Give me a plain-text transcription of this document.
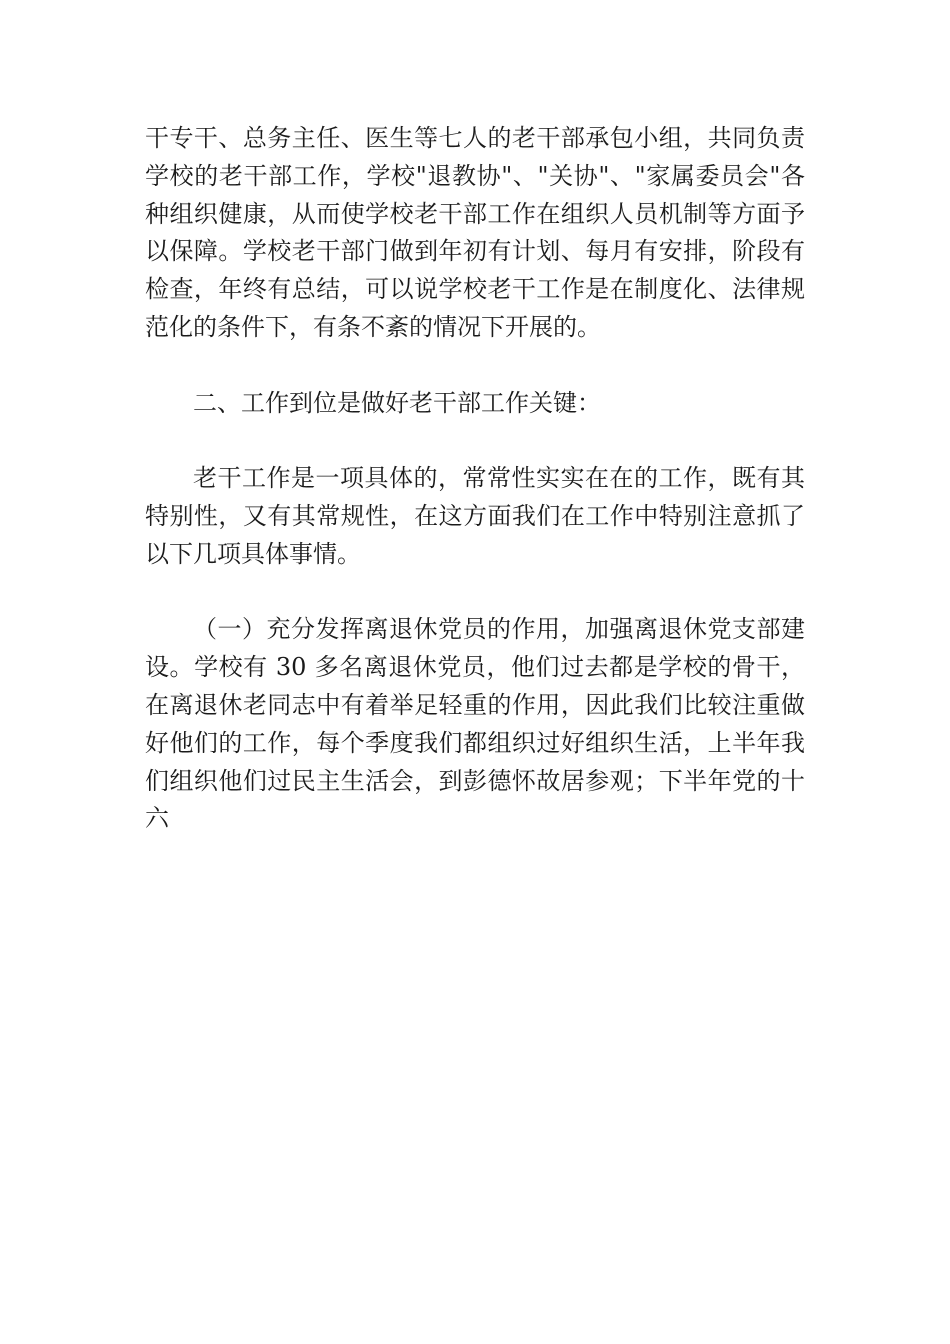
干专干、总务主任、医生等七人的老干部承包小组，共同负责学校的老干部工作，学校"退教协"、"关协"、"家属委员会"各种组织健康，从而使学校老干部工作在组织人员机制等方面予以保障。学校老干部门做到年初有计划、每月有安排，阶段有检查，年终有总结，可以说学校老干工作是在制度化、法律规范化的条件下，有条不紊的情况下开展的。

二、工作到位是做好老干部工作关键：

老干工作是一项具体的，常常性实实在在的工作，既有其特别性，又有其常规性，在这方面我们在工作中特别注意抓了以下几项具体事情。

（一）充分发挥离退休党员的作用，加强离退休党支部建设。学校有 30 多名离退休党员，他们过去都是学校的骨干，在离退休老同志中有着举足轻重的作用，因此我们比较注重做好他们的工作，每个季度我们都组织过好组织生活，上半年我们组织他们过民主生活会，到彭德怀故居参观；下半年党的十六
